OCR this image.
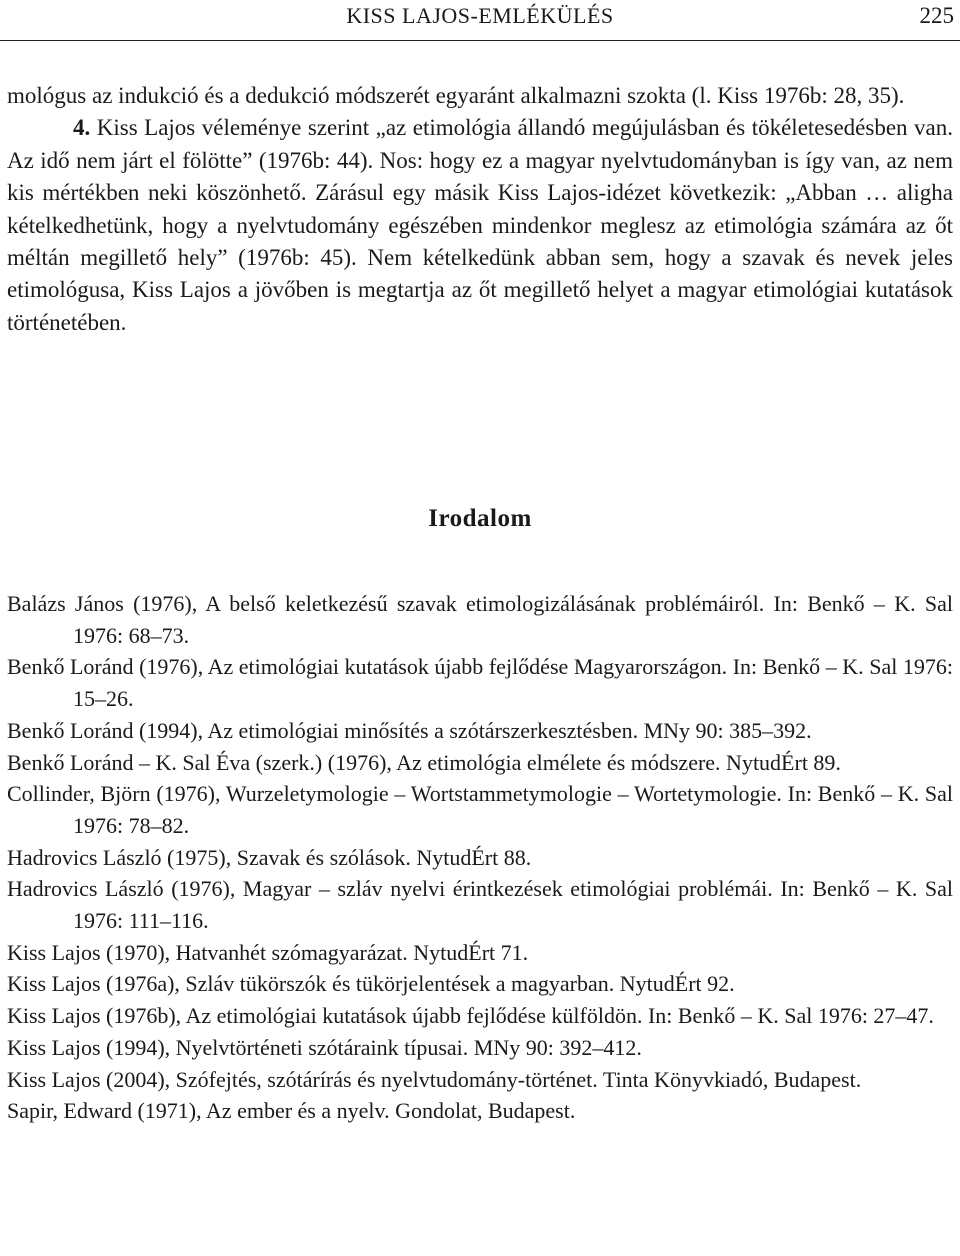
KISS LAJOS-EMLÉKÜLÉS	225
mológus az indukció és a dedukció módszerét egyaránt alkalmazni szokta (l. Kiss 1976b: 28, 35).
4. Kiss Lajos véleménye szerint „az etimológia állandó megújulásban és tökéletesedésben van. Az idő nem járt el fölötte” (1976b: 44). Nos: hogy ez a magyar nyelvtudományban is így van, az nem kis mértékben neki köszönhető. Zárásul egy másik Kiss Lajos-idézet következik: „Abban … aligha kételkedhetünk, hogy a nyelvtudomány egészében mindenkor meglesz az etimológia számára az őt méltán megillető hely” (1976b: 45). Nem kételkedünk abban sem, hogy a szavak és nevek jeles etimológusa, Kiss Lajos a jövőben is megtartja az őt megillető helyet a magyar etimológiai kutatások történetében.
Irodalom
Balázs János (1976), A belső keletkezésű szavak etimologizálásának problémáiról. In: Benkő – K. Sal 1976: 68–73.
Benkő Loránd (1976), Az etimológiai kutatások újabb fejlődése Magyarországon. In: Benkő – K. Sal 1976: 15–26.
Benkő Loránd (1994), Az etimológiai minősítés a szótárszerkesztésben. MNy 90: 385–392.
Benkő Loránd – K. Sal Éva (szerk.) (1976), Az etimológia elmélete és módszere. NytudÉrt 89.
Collinder, Björn (1976), Wurzeletymologie – Wortstammetymologie – Wortetymologie. In: Benkő – K. Sal 1976: 78–82.
Hadrovics László (1975), Szavak és szólások. NytudÉrt 88.
Hadrovics László (1976), Magyar – szláv nyelvi érintkezések etimológiai problémái. In: Benkő – K. Sal 1976: 111–116.
Kiss Lajos (1970), Hatvanhét szómagyarázat. NytudÉrt 71.
Kiss Lajos (1976a), Szláv tükörszók és tükörjelentések a magyarban. NytudÉrt 92.
Kiss Lajos (1976b), Az etimológiai kutatások újabb fejlődése külföldön. In: Benkő – K. Sal 1976: 27–47.
Kiss Lajos (1994), Nyelvtörténeti szótáraink típusai. MNy 90: 392–412.
Kiss Lajos (2004), Szófejtés, szótárírás és nyelvtudomány-történet. Tinta Könyvkiadó, Budapest.
Sapir, Edward (1971), Az ember és a nyelv. Gondolat, Budapest.
